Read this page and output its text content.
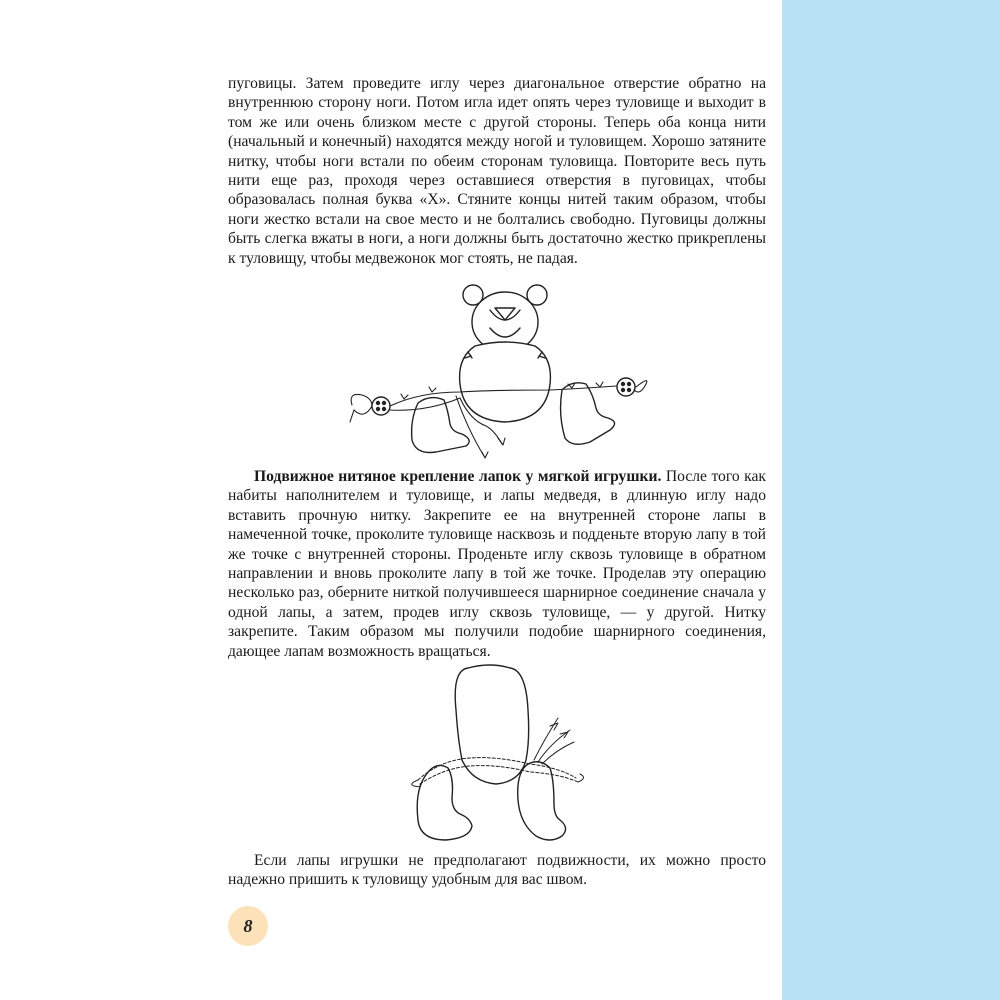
пуговицы. Затем проведите иглу через диагональное отверстие обратно на внутреннюю сторону ноги. Потом игла идет опять через туловище и выходит в том же или очень близком месте с другой стороны. Теперь оба конца нити (начальный и конечный) находятся между ногой и туловищем. Хорошо затяните нитку, чтобы ноги встали по обеим сторонам туловища. Повторите весь путь нити еще раз, проходя через оставшиеся отверстия в пуговицах, чтобы образовалась полная буква «Х». Стяните концы нитей таким образом, чтобы ноги жестко встали на свое место и не болтались свободно. Пуговицы должны быть слегка вжаты в ноги, а ноги должны быть достаточно жестко прикреплены к туловищу, чтобы медвежонок мог стоять, не падая.

Подвижное нитяное крепление лапок у мягкой игрушки. После того как набиты наполнителем и туловище, и лапы медведя, в длинную иглу надо вставить прочную нитку. Закрепите ее на внутренней стороне лапы в намеченной точке, проколите туловище насквозь и подденьте вторую лапу в той же точке с внутренней стороны. Проденьте иглу сквозь туловище в обратном направлении и вновь проколите лапу в той же точке. Проделав эту операцию несколько раз, оберните ниткой получившееся шарнирное соединение сначала у одной лапы, а затем, продев иглу сквозь туловище, — у другой. Нитку закрепите. Таким образом мы получили подобие шарнирного соединения, дающее лапам возможность вращаться.

Если лапы игрушки не предполагают подвижности, их можно просто надежно пришить к туловищу удобным для вас швом.

8
